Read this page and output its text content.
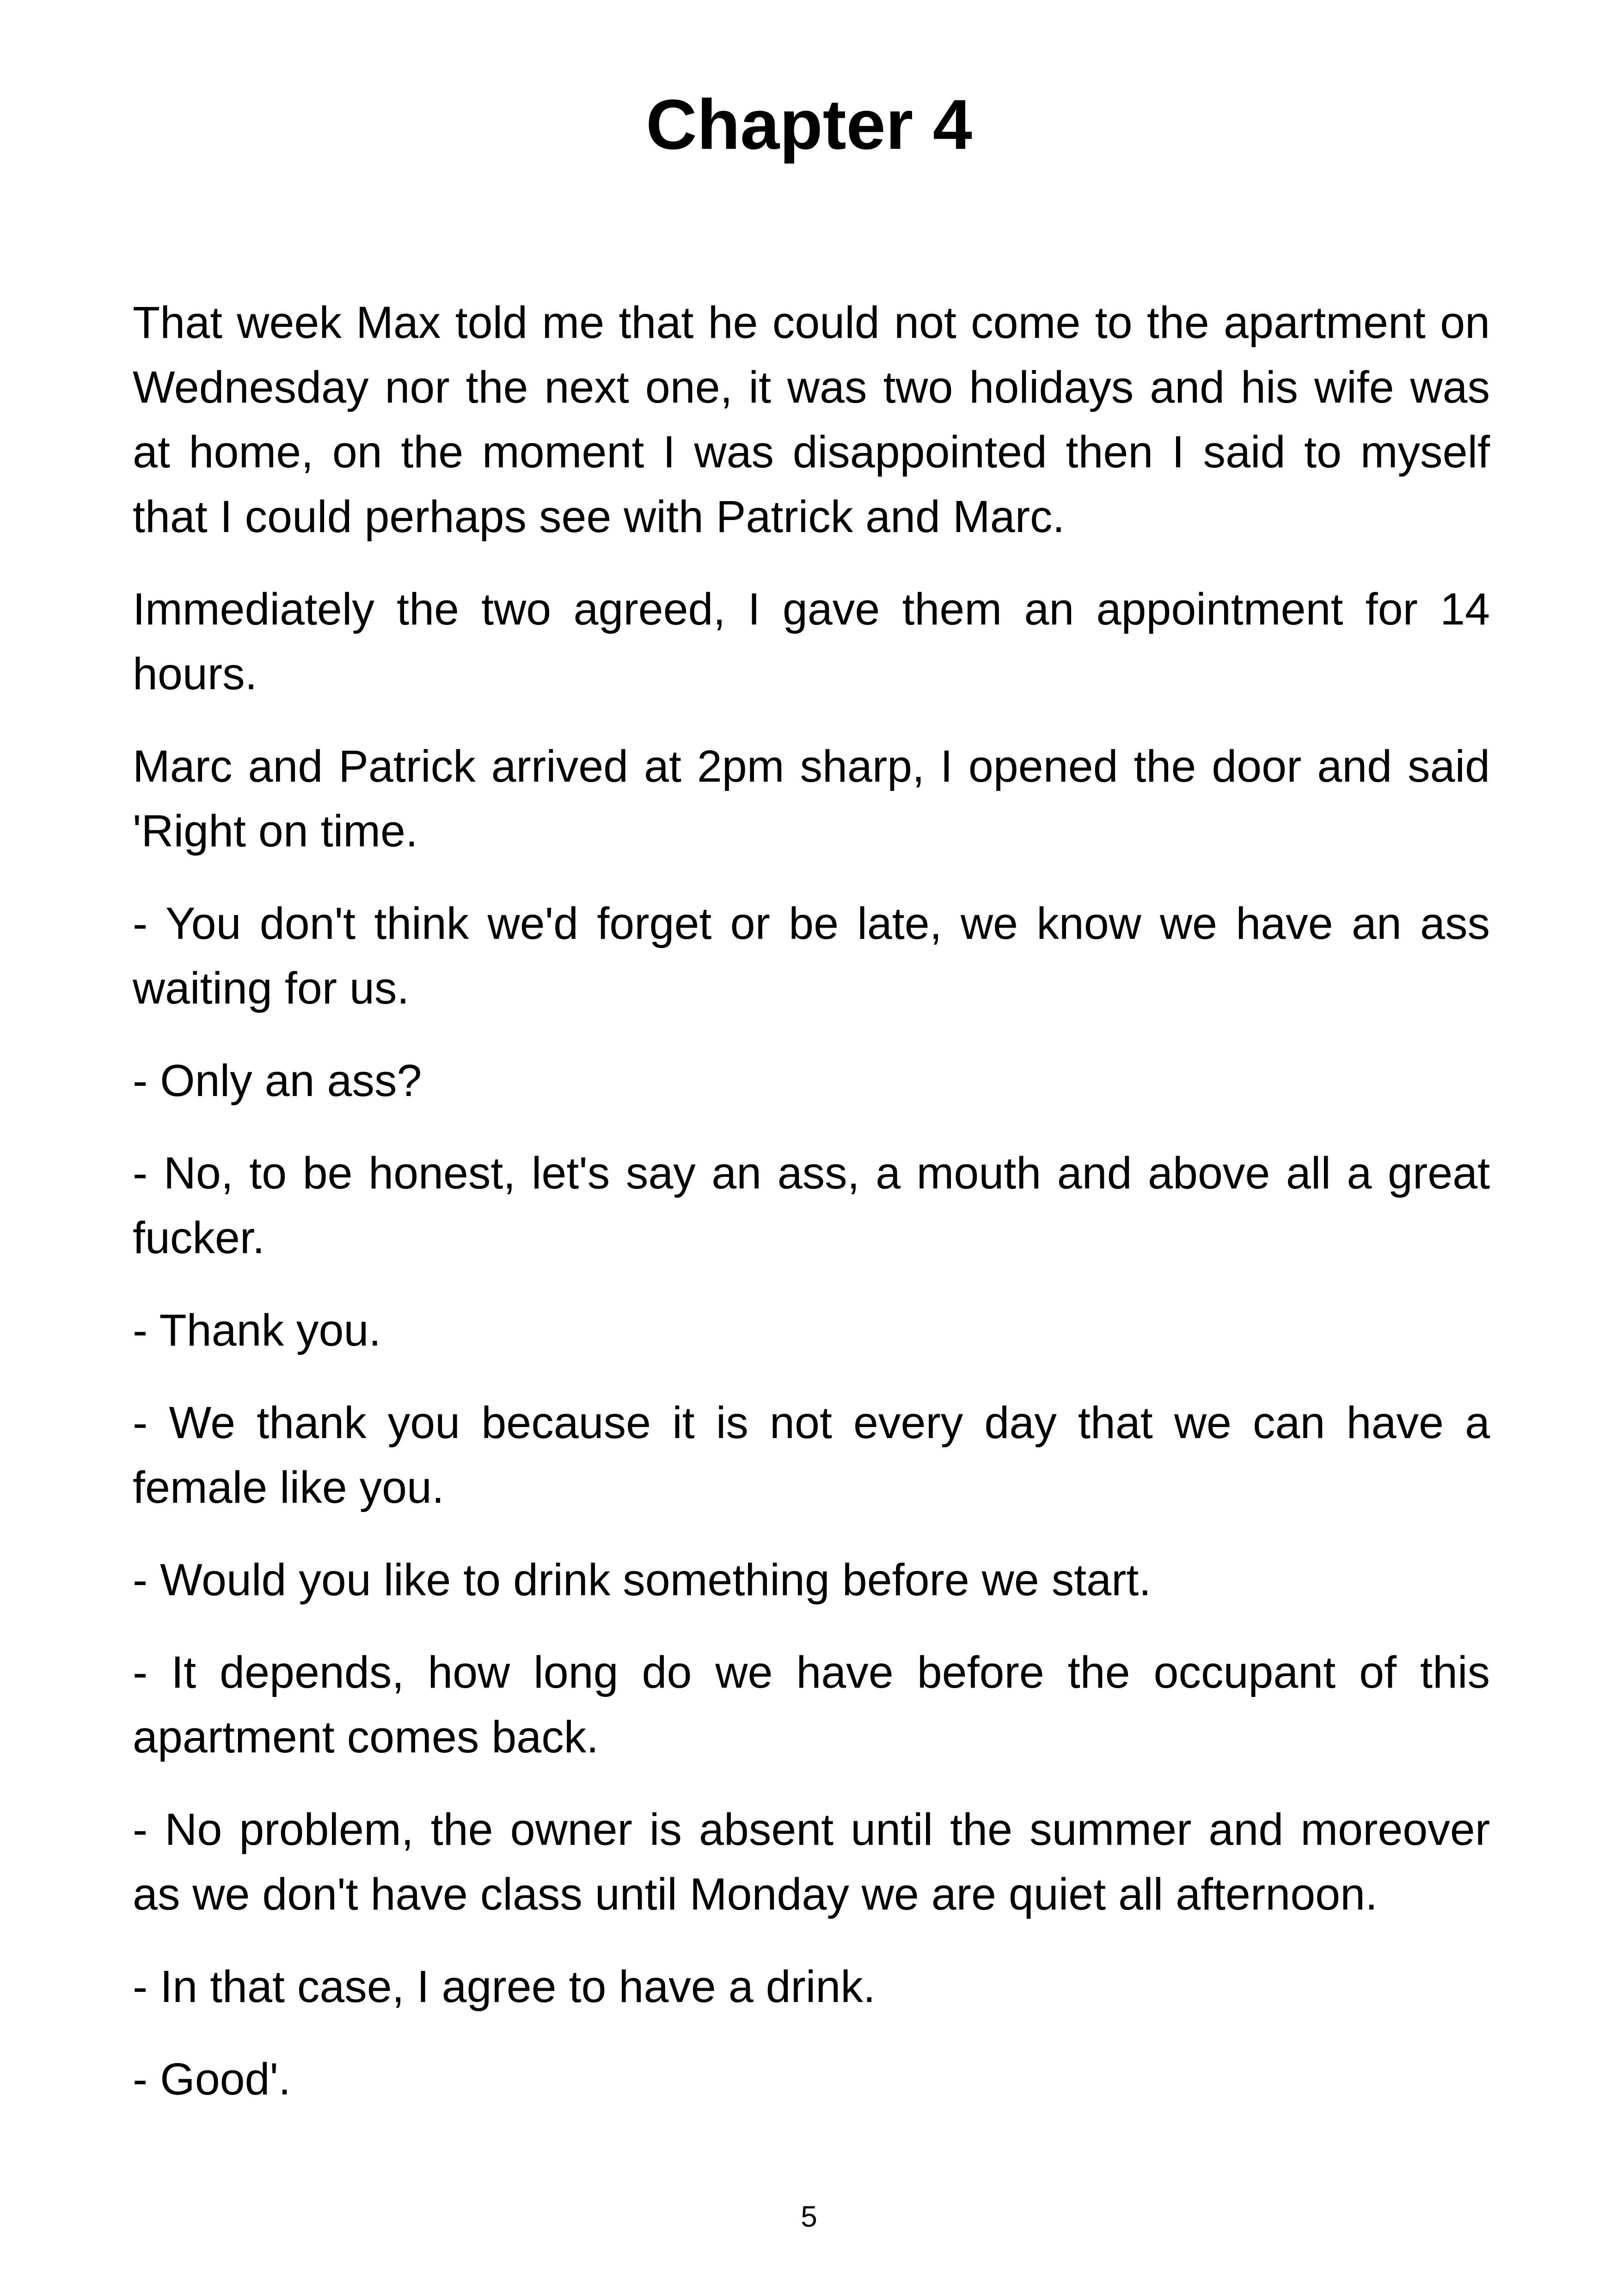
Chapter 4

That week Max told me that he could not come to the apartment on Wednesday nor the next one, it was two holidays and his wife was at home, on the moment I was disappointed then I said to myself that I could perhaps see with Patrick and Marc.

Immediately the two agreed, I gave them an appointment for 14 hours.

Marc and Patrick arrived at 2pm sharp, I opened the door and said 'Right on time.

- You don't think we'd forget or be late, we know we have an ass waiting for us.

- Only an ass?

- No, to be honest, let's say an ass, a mouth and above all a great fucker.

- Thank you.

- We thank you because it is not every day that we can have a female like you.

- Would you like to drink something before we start.

- It depends, how long do we have before the occupant of this apartment comes back.

- No problem, the owner is absent until the summer and moreover as we don't have class until Monday we are quiet all afternoon.

- In that case, I agree to have a drink.

- Good'.

5
